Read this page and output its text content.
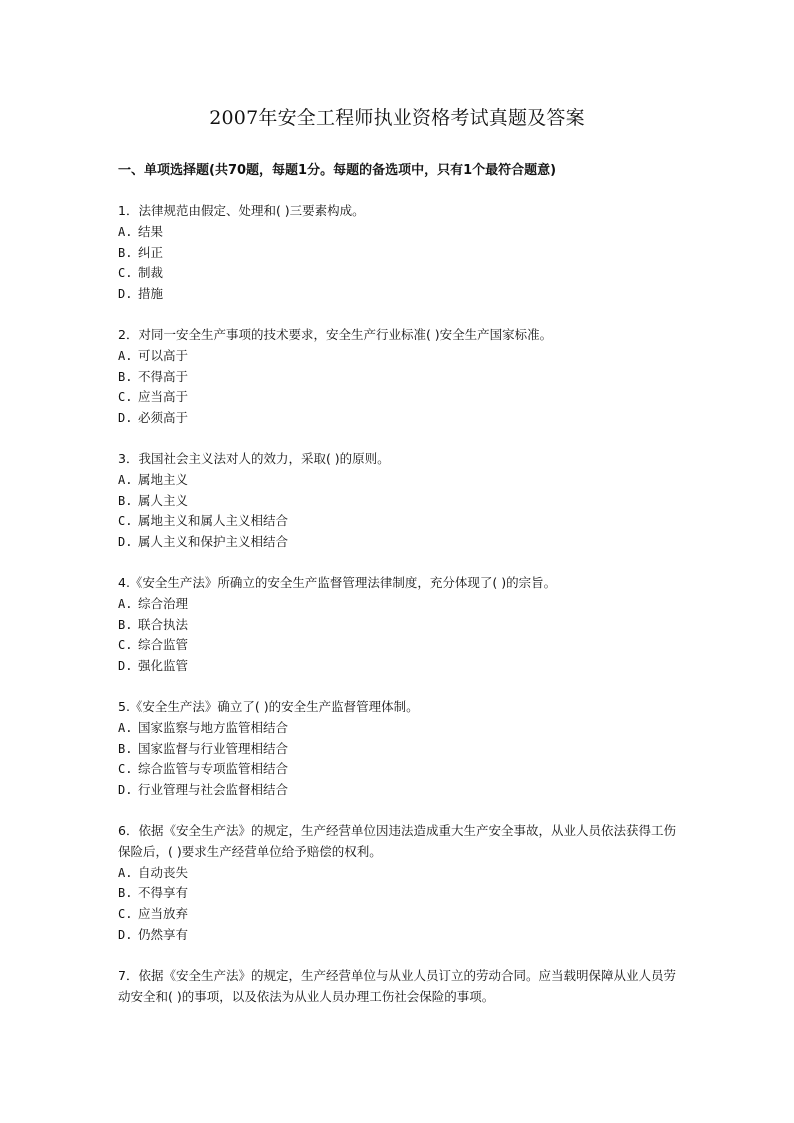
2007年安全工程师执业资格考试真题及答案
一、单项选择题(共70题，每题1分。每题的备选项中，只有1个最符合题意)

1．法律规范由假定、处理和( )三要素构成。

A. 结果
B. 纠正
C. 制裁
D. 措施

2．对同一安全生产事项的技术要求，安全生产行业标准( )安全生产国家标准。

A. 可以高于
B. 不得高于
C. 应当高于
D. 必须高于

3．我国社会主义法对人的效力，采取( )的原则。

A. 属地主义
B. 属人主义
C. 属地主义和属人主义相结合
D. 属人主义和保护主义相结合

4.《安全生产法》所确立的安全生产监督管理法律制度，充分体现了( )的宗旨。

A. 综合治理
B. 联合执法
C. 综合监管
D. 强化监管

5.《安全生产法》确立了( )的安全生产监督管理体制。

A. 国家监察与地方监管相结合
B. 国家监督与行业管理相结合
C. 综合监管与专项监管相结合
D. 行业管理与社会监督相结合

6．依据《安全生产法》的规定，生产经营单位因违法造成重大生产安全事故，从业人员依法获得工伤保险后，( )要求生产经营单位给予赔偿的权利。

A. 自动丧失
B. 不得享有
C. 应当放弃
D. 仍然享有

7．依据《安全生产法》的规定，生产经营单位与从业人员订立的劳动合同。应当载明保障从业人员劳动安全和( )的事项，以及依法为从业人员办理工伤社会保险的事项。
